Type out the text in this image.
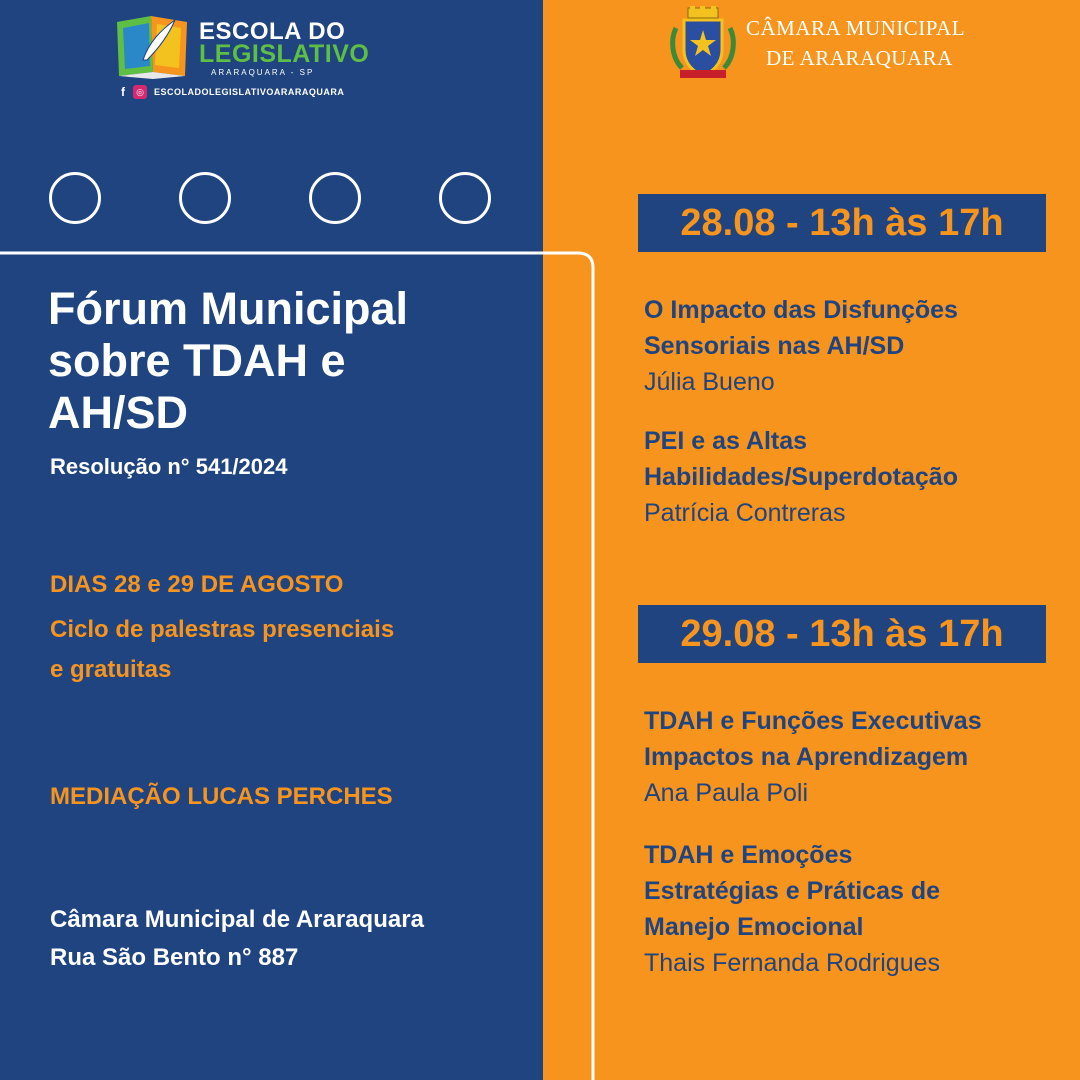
ESCOLA DO
LEGISLATIVO
ARARAQUARA - SP
f	◎	ESCOLADOLEGISLATIVOARARAQUARA
CÂMARA MUNICIPAL
DE ARARAQUARA
Fórum Municipal
sobre TDAH e
AH/SD
Resolução n° 541/2024
DIAS 28 e 29 DE AGOSTO
Ciclo de palestras presenciais
e gratuitas
MEDIAÇÃO LUCAS PERCHES
Câmara Municipal de Araraquara
Rua São Bento n° 887
28.08 - 13h às 17h
O Impacto das Disfunções
Sensoriais nas AH/SD
Júlia Bueno
PEI e as Altas
Habilidades/Superdotação
Patrícia Contreras
29.08 - 13h às 17h
TDAH e Funções Executivas
Impactos na Aprendizagem
Ana Paula Poli
TDAH e Emoções
Estratégias e Práticas de
Manejo Emocional
Thais Fernanda Rodrigues
